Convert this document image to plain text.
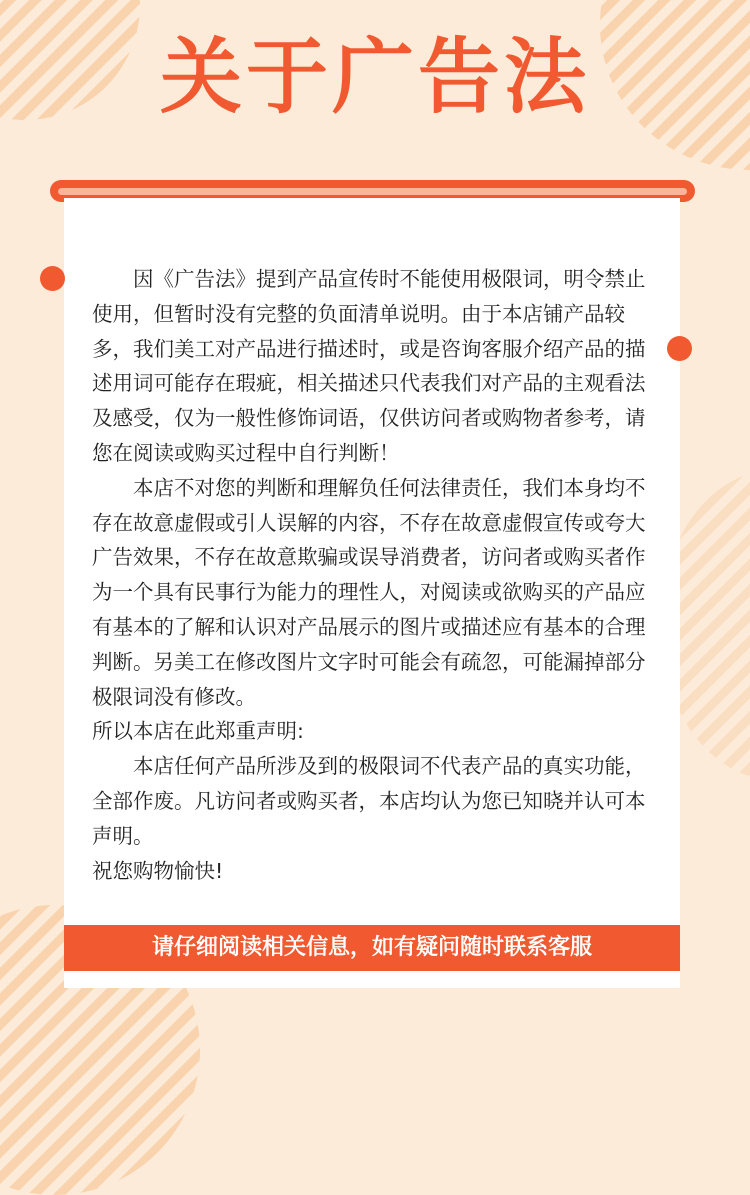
关于广告法

因《广告法》提到产品宣传时不能使用极限词，明令禁止使用，但暂时没有完整的负面清单说明。由于本店铺产品较多，我们美工对产品进行描述时，或是咨询客服介绍产品的描述用词可能存在瑕疵，相关描述只代表我们对产品的主观看法及感受，仅为一般性修饰词语，仅供访问者或购物者参考，请您在阅读或购买过程中自行判断！

本店不对您的判断和理解负任何法律责任，我们本身均不存在故意虚假或引人误解的内容，不存在故意虚假宣传或夸大广告效果，不存在故意欺骗或误导消费者，访问者或购买者作为一个具有民事行为能力的理性人，对阅读或欲购买的产品应有基本的了解和认识对产品展示的图片或描述应有基本的合理判断。另美工在修改图片文字时可能会有疏忽，可能漏掉部分极限词没有修改。

所以本店在此郑重声明:

本店任何产品所涉及到的极限词不代表产品的真实功能，全部作废。凡访问者或购买者，本店均认为您已知晓并认可本声明。

祝您购物愉快!

请仔细阅读相关信息，如有疑问随时联系客服
